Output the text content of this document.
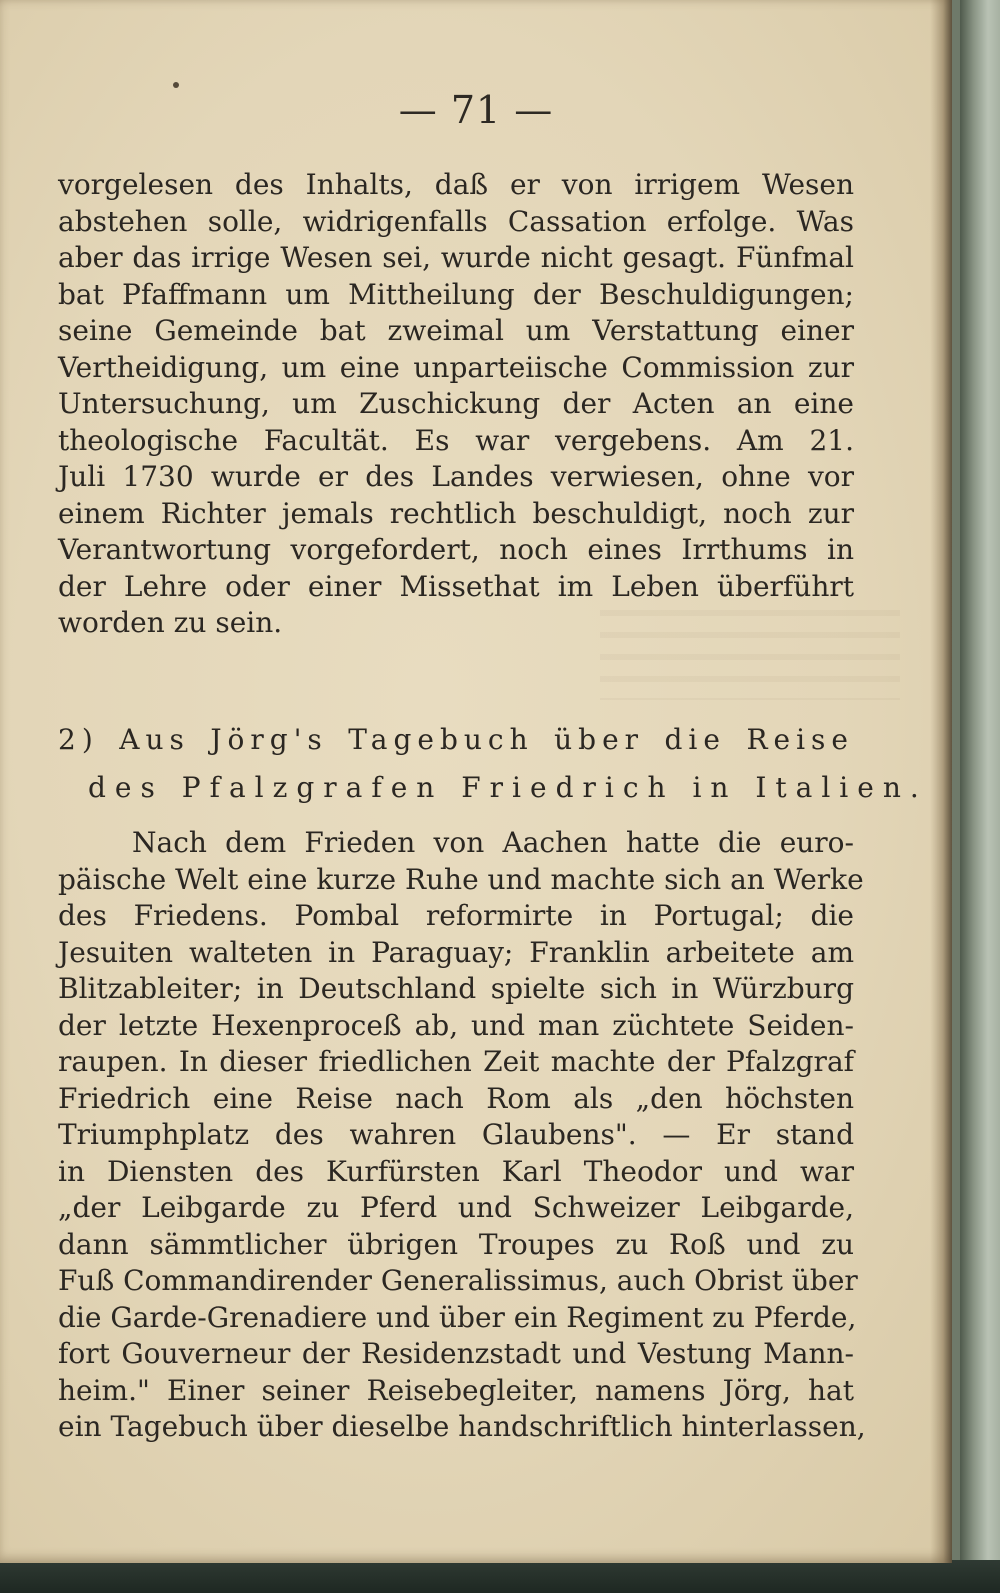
— 71 —
vorgelesen des Inhalts, daß er von irrigem Wesen
abstehen solle, widrigenfalls Cassation erfolge. Was
aber das irrige Wesen sei, wurde nicht gesagt. Fünfmal
bat Pfaffmann um Mittheilung der Beschuldigungen;
seine Gemeinde bat zweimal um Verstattung einer
Vertheidigung, um eine unparteiische Commission zur
Untersuchung, um Zuschickung der Acten an eine
theologische Facultät. Es war vergebens. Am 21.
Juli 1730 wurde er des Landes verwiesen, ohne vor
einem Richter jemals rechtlich beschuldigt, noch zur
Verantwortung vorgefordert, noch eines Irrthums in
der Lehre oder einer Missethat im Leben überführt
worden zu sein.
2) Aus Jörg's Tagebuch über die Reise
des Pfalzgrafen Friedrich in Italien.
Nach dem Frieden von Aachen hatte die euro-
päische Welt eine kurze Ruhe und machte sich an Werke
des Friedens. Pombal reformirte in Portugal; die
Jesuiten walteten in Paraguay; Franklin arbeitete am
Blitzableiter; in Deutschland spielte sich in Würzburg
der letzte Hexenproceß ab, und man züchtete Seiden-
raupen. In dieser friedlichen Zeit machte der Pfalzgraf
Friedrich eine Reise nach Rom als „den höchsten
Triumphplatz des wahren Glaubens". — Er stand
in Diensten des Kurfürsten Karl Theodor und war
„der Leibgarde zu Pferd und Schweizer Leibgarde,
dann sämmtlicher übrigen Troupes zu Roß und zu
Fuß Commandirender Generalissimus, auch Obrist über
die Garde-Grenadiere und über ein Regiment zu Pferde,
fort Gouverneur der Residenzstadt und Vestung Mann-
heim." Einer seiner Reisebegleiter, namens Jörg, hat
ein Tagebuch über dieselbe handschriftlich hinterlassen,
